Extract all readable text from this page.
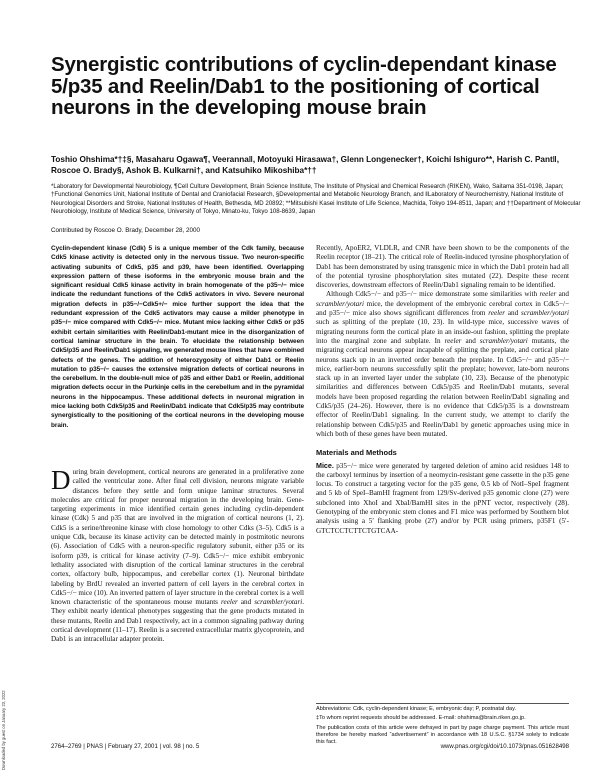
Synergistic contributions of cyclin-dependant kinase 5/p35 and Reelin/Dab1 to the positioning of cortical neurons in the developing mouse brain
Toshio Ohshima*†‡§, Masaharu Ogawa¶, Veeranna‖, Motoyuki Hirasawa†, Glenn Longenecker†, Koichi Ishiguro**, Harish C. Pant‖, Roscoe O. Brady§, Ashok B. Kulkarni†, and Katsuhiko Mikoshiba*††
*Laboratory for Developmental Neurobiology, ¶Cell Culture Development, Brain Science Institute, The Institute of Physical and Chemical Research (RIKEN), Wako, Saitama 351-0198, Japan; †Functional Genomics Unit, National Institute of Dental and Craniofacial Research, §Developmental and Metabolic Neurology Branch, and ‖Laboratory of Neurochemistry, National Institute of Neurological Disorders and Stroke, National Institutes of Health, Bethesda, MD 20892; **Mitsubishi Kasei Institute of Life Science, Machida, Tokyo 194-8511, Japan; and ††Department of Molecular Neurobiology, Institute of Medical Science, University of Tokyo, Minato-ku, Tokyo 108-8639, Japan
Contributed by Roscoe O. Brady, December 28, 2000
Cyclin-dependent kinase (Cdk) 5 is a unique member of the Cdk family, because Cdk5 kinase activity is detected only in the nervous tissue. Two neuron-specific activating subunits of Cdk5, p35 and p39, have been identified. Overlapping expression pattern of these isoforms in the embryonic mouse brain and the significant residual Cdk5 kinase activity in brain homogenate of the p35−/− mice indicate the redundant functions of the Cdk5 activators in vivo. Severe neuronal migration defects in p35−/−Cdk5+/− mice further support the idea that the redundant expression of the Cdk5 activators may cause a milder phenotype in p35−/− mice compared with Cdk5−/− mice. Mutant mice lacking either Cdk5 or p35 exhibit certain similarities with Reelin/Dab1-mutant mice in the disorganization of cortical laminar structure in the brain. To elucidate the relationship between Cdk5/p35 and Reelin/Dab1 signaling, we generated mouse lines that have combined defects of the genes. The addition of heterozygosity of either Dab1 or Reelin mutation to p35−/− causes the extensive migration defects of cortical neurons in the cerebellum. In the double-null mice of p35 and either Dab1 or Reelin, additional migration defects occur in the Purkinje cells in the cerebellum and in the pyramidal neurons in the hippocampus. These additional defects in neuronal migration in mice lacking both Cdk5/p35 and Reelin/Dab1 indicate that Cdk5/p35 may contribute synergistically to the positioning of the cortical neurons in the developing mouse brain.

During brain development, cortical neurons are generated in a proliferative zone called the ventricular zone. After final cell division, neurons migrate variable distances before they settle and form unique laminar structures. Several molecules are critical for proper neuronal migration in the developing brain. Gene-targeting experiments in mice identified certain genes including cyclin-dependent kinase (Cdk) 5 and p35 that are involved in the migration of cortical neurons (1, 2). Cdk5 is a serine/threonine kinase with close homology to other Cdks (3–5). Cdk5 is a unique Cdk, because its kinase activity can be detected mainly in postmitotic neurons (6). Association of Cdk5 with a neuron-specific regulatory subunit, either p35 or its isoform p39, is critical for kinase activity (7–9). Cdk5−/− mice exhibit embryonic lethality associated with disruption of the cortical laminar structures in the cerebral cortex, olfactory bulb, hippocampus, and cerebellar cortex (1). Neuronal birthdate labeling by BrdU revealed an inverted pattern of cell layers in the cerebral cortex in Cdk5−/− mice (10). An inverted pattern of layer structure in the cerebral cortex is a well known characteristic of the spontaneous mouse mutants reeler and scrambler/yotari. They exhibit nearly identical phenotypes suggesting that the gene products mutated in these mutants, Reelin and Dab1 respectively, act in a common signaling pathway during cortical development (11–17). Reelin is a secreted extracellular matrix glycoprotein, and Dab1 is an intracellular adapter protein.

Recently, ApoER2, VLDLR, and CNR have been shown to be the components of the Reelin receptor (18–21). The critical role of Reelin-induced tyrosine phosphorylation of Dab1 has been demonstrated by using transgenic mice in which the Dab1 protein had all of the potential tyrosine phosphorylation sites mutated (22). Despite these recent discoveries, downstream effectors of Reelin/Dab1 signaling remain to be identified.

Although Cdk5−/− and p35−/− mice demonstrate some similarities with reeler and scrambler/yotari mice, the development of the embryonic cerebral cortex in Cdk5−/− and p35−/− mice also shows significant differences from reeler and scrambler/yotari such as splitting of the preplate (10, 23). In wild-type mice, successive waves of migrating neurons form the cortical plate in an inside-out fashion, splitting the preplate into the marginal zone and subplate. In reeler and scrambler/yotari mutants, the migrating cortical neurons appear incapable of splitting the preplate, and cortical plate neurons stack up in an inverted order beneath the preplate. In Cdk5−/− and p35−/− mice, earlier-born neurons successfully split the preplate; however, late-born neurons stack up in an inverted layer under the subplate (10, 23). Because of the phenotypic similarities and differences between Cdk5/p35 and Reelin/Dab1 mutants, several models have been proposed regarding the relation between Reelin/Dab1 signaling and Cdk5/p35 (24–26). However, there is no evidence that Cdk5/p35 is a downstream effector of Reelin/Dab1 signaling. In the current study, we attempt to clarify the relationship between Cdk5/p35 and Reelin/Dab1 by genetic approaches using mice in which both of these genes have been mutated.

Materials and Methods

Mice. p35−/− mice were generated by targeted deletion of amino acid residues 148 to the carboxyl terminus by insertion of a neomycin-resistant gene cassette in the p35 gene locus. To construct a targeting vector for the p35 gene, 0.5 kb of NotI–SpeI fragment and 5 kb of SpeI–BamHI fragment from 129/Sv-derived p35 genomic clone (27) were subcloned into XhoI and XbaI/BamHI sites in the pPNT vector, respectively (28). Genotyping of the embryonic stem clones and F1 mice was performed by Southern blot analysis using a 5′ flanking probe (27) and/or by PCR using primers, p35F1 (5′-GTCTCCTCTTCTGTCAA-

Abbreviations: Cdk, cyclin-dependent kinase; E, embryonic day; P, postnatal day.

‡To whom reprint requests should be addressed. E-mail: ohshima@brain.riken.go.jp.

The publication costs of this article were defrayed in part by page charge payment. This article must therefore be hereby marked “advertisement” in accordance with 18 U.S.C. §1734 solely to indicate this fact.

2764–2769 | PNAS | February 27, 2001 | vol. 98 | no. 5	www.pnas.org/cgi/doi/10.1073/pnas.051628498
Downloaded by guest on January 23, 2022
